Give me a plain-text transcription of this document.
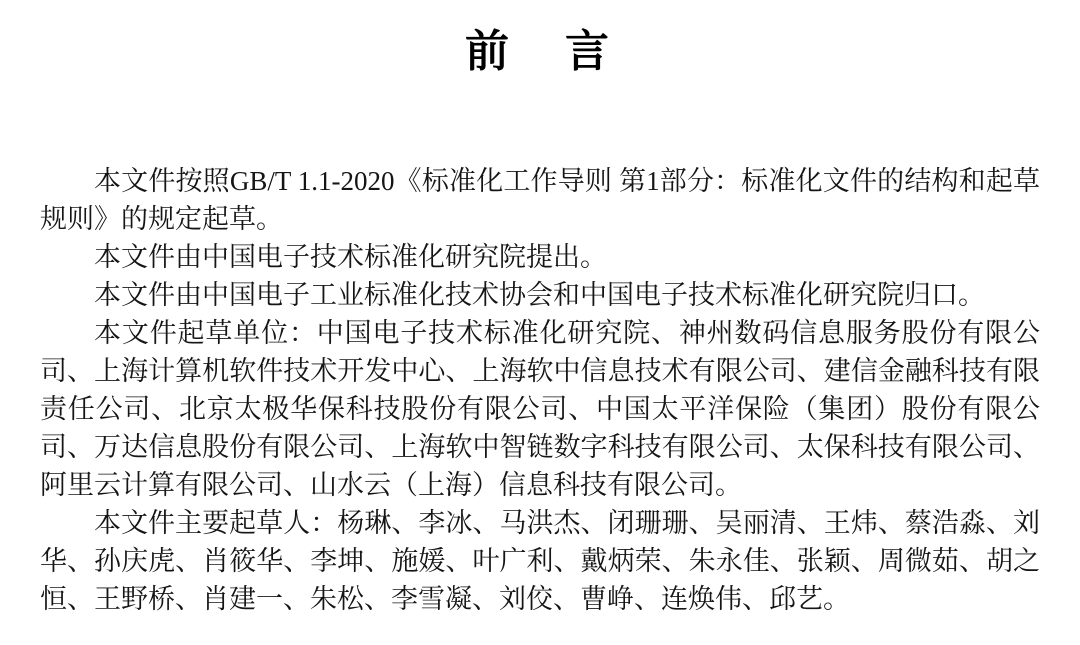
前　言

本文件按照GB/T 1.1-2020《标准化工作导则 第1部分：标准化文件的结构和起草规则》的规定起草。

本文件由中国电子技术标准化研究院提出。

本文件由中国电子工业标准化技术协会和中国电子技术标准化研究院归口。

本文件起草单位：中国电子技术标准化研究院、神州数码信息服务股份有限公司、上海计算机软件技术开发中心、上海软中信息技术有限公司、建信金融科技有限责任公司、北京太极华保科技股份有限公司、中国太平洋保险（集团）股份有限公司、万达信息股份有限公司、上海软中智链数字科技有限公司、太保科技有限公司、阿里云计算有限公司、山水云（上海）信息科技有限公司。

本文件主要起草人：杨琳、李冰、马洪杰、闭珊珊、吴丽清、王炜、蔡浩淼、刘华、孙庆虎、肖筱华、李坤、施媛、叶广利、戴炳荣、朱永佳、张颖、周微茹、胡之恒、王野桥、肖建一、朱松、李雪凝、刘佼、曹峥、连焕伟、邱艺。
